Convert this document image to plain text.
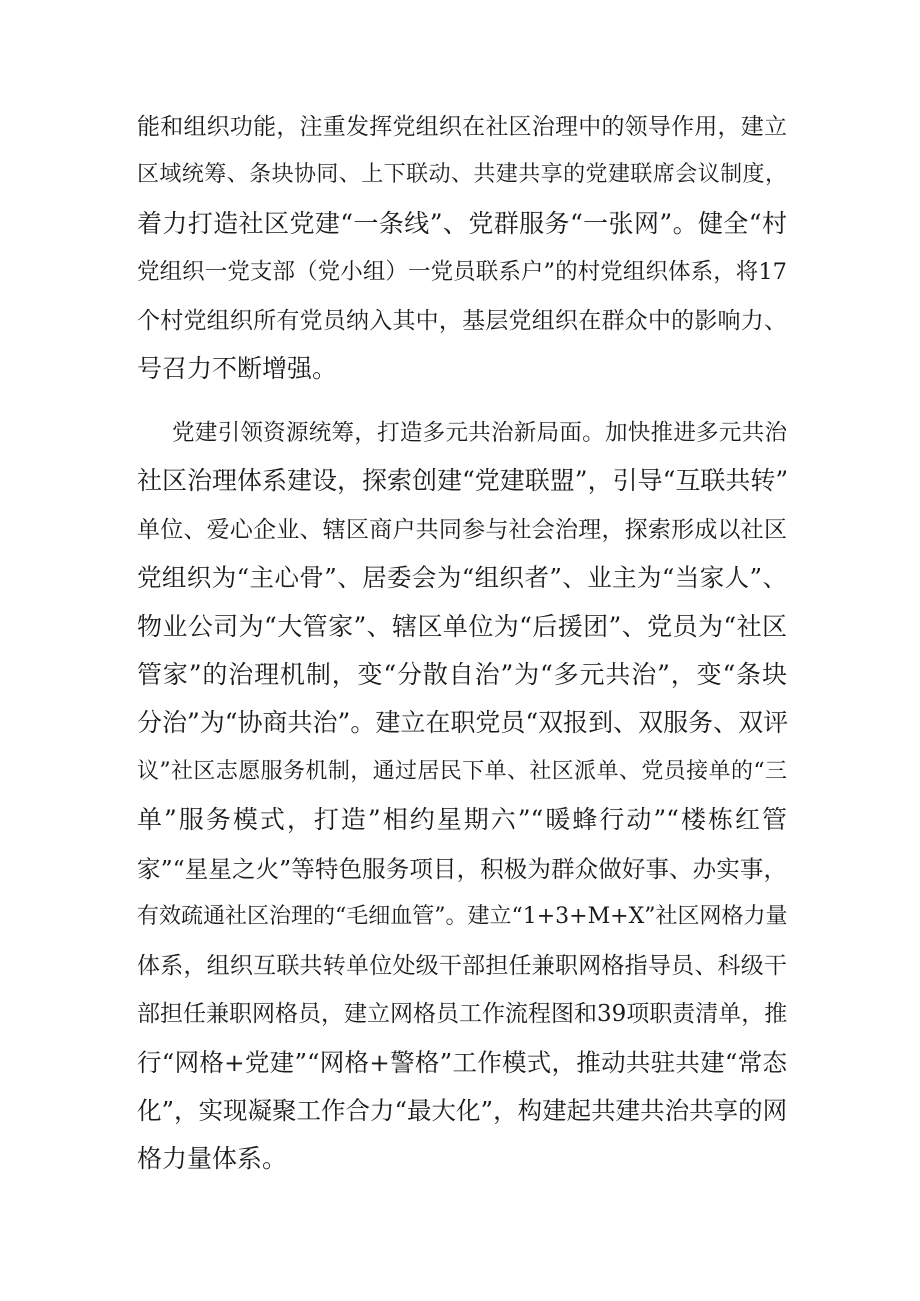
能和组织功能，注重发挥党组织在社区治理中的领导作用，建立
区域统筹、条块协同、上下联动、共建共享的党建联席会议制度，
着力打造社区党建“一条线”、党群服务“一张网”。健全“村
党组织一党支部（党小组）一党员联系户”的村党组织体系，将17
个村党组织所有党员纳入其中，基层党组织在群众中的影响力、
号召力不断增强。
党建引领资源统筹，打造多元共治新局面。加快推进多元共治
社区治理体系建设，探索创建“党建联盟”，引导“互联共转”
单位、爱心企业、辖区商户共同参与社会治理，探索形成以社区
党组织为“主心骨”、居委会为“组织者”、业主为“当家人”、
物业公司为“大管家”、辖区单位为“后援团”、党员为“社区
管家”的治理机制，变“分散自治”为“多元共治”，变“条块
分治”为“协商共治”。建立在职党员“双报到、双服务、双评
议”社区志愿服务机制，通过居民下单、社区派单、党员接单的“三
单”服务模式，打造”相约星期六”“暖蜂行动”“楼栋红管
家”“星星之火”等特色服务项目，积极为群众做好事、办实事，
有效疏通社区治理的“毛细血管”。建立“1+3+M+X”社区网格力量
体系，组织互联共转单位处级干部担任兼职网格指导员、科级干
部担任兼职网格员，建立网格员工作流程图和39项职责清单，推
行“网格+党建”“网格+警格”工作模式，推动共驻共建“常态
化”，实现凝聚工作合力“最大化”，构建起共建共治共享的网
格力量体系。
